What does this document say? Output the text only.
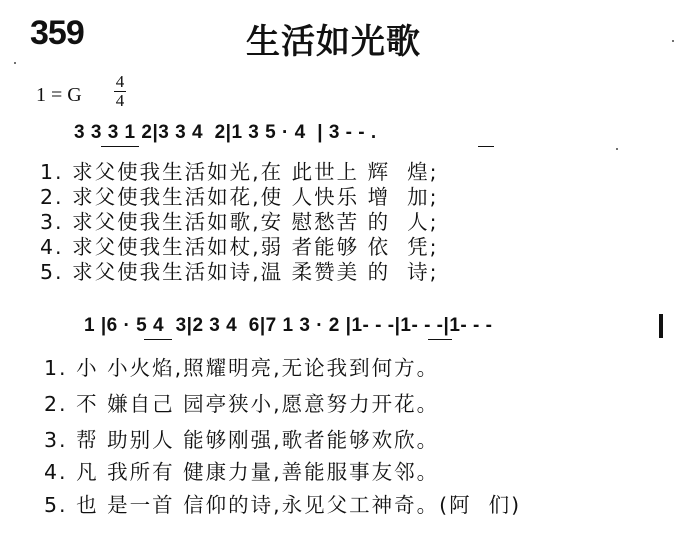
359	生活如光歌
1 = G
4
4
3 3 3 1 2|3 3 4  2|1 3 5 · 4  | 3 - - .
1. 求父使我生活如光,在 此世上 辉  煌;
2. 求父使我生活如花,使 人快乐 增  加;
3. 求父使我生活如歌,安 慰愁苦 的  人;
4. 求父使我生活如杖,弱 者能够 依  凭;
5. 求父使我生活如诗,温 柔赞美 的  诗;
1 |6 · 5 4  3|2 3 4  6|7 1 3 · 2 |1- - -|1- - -|1- - -
1. 小 小火焰,照耀明亮,无论我到何方。
2. 不 嫌自己 园亭狭小,愿意努力开花。
3. 帮 助别人 能够刚强,歌者能够欢欣。
4. 凡 我所有 健康力量,善能服事友邻。
5. 也 是一首 信仰的诗,永见父工神奇。(阿  们)
